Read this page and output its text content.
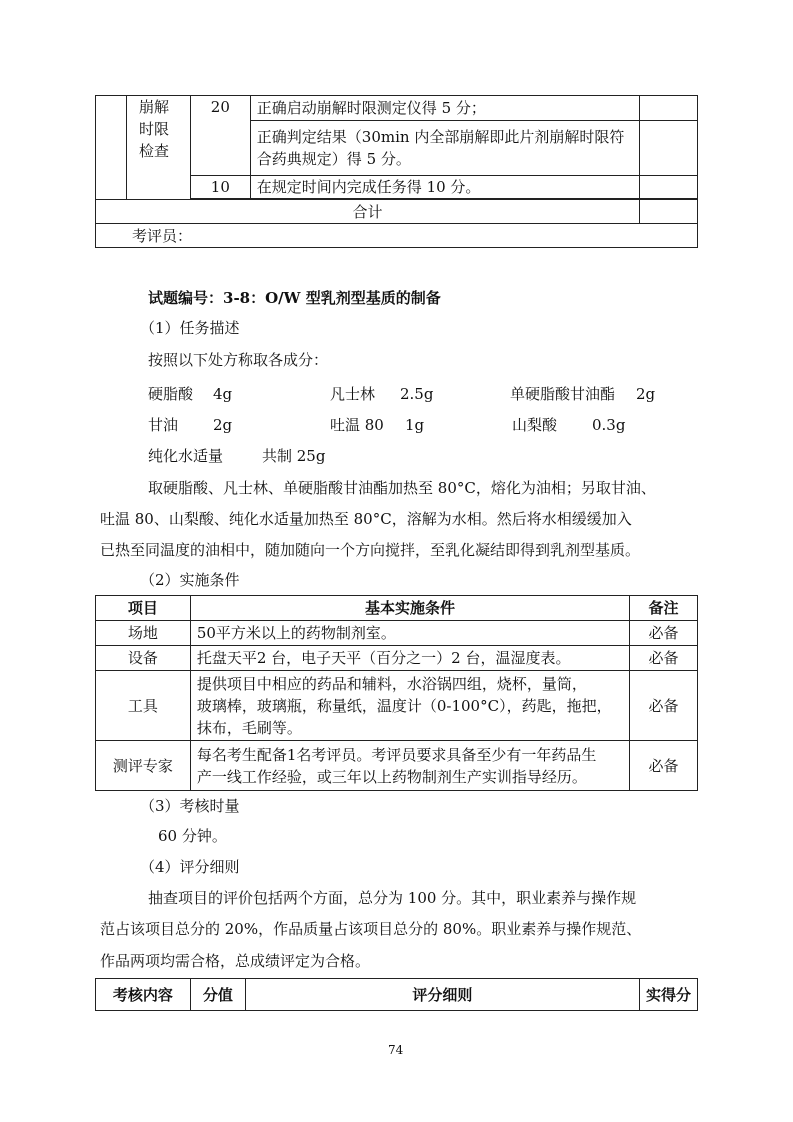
	崩解
时限
检查	20	正确启动崩解时限测定仪得 5 分；	

			正确判定结果（30min 内全部崩解即此片剂崩解时限符
合药典规定）得 5 分。	

		10	在规定时间内完成任务得 10 分。	

合计				
考评员：				
试题编号：3-8：O/W 型乳剂型基质的制备
（1）任务描述
按照以下处方称取各成分：
硬脂酸 4g	凡士林 2.5g	单硬脂酸甘油酯 2g
甘油 2g	吐温 80 1g	山梨酸 0.3g
纯化水适量	共制 25g
取硬脂酸、凡士林、单硬脂酸甘油酯加热至 80°C，熔化为油相；另取甘油、
吐温 80、山梨酸、纯化水适量加热至 80°C，溶解为水相。然后将水相缓缓加入
已热至同温度的油相中，随加随向一个方向搅拌，至乳化凝结即得到乳剂型基质。
（2）实施条件
项目	基本实施条件	备注
场地	50平方米以上的药物制剂室。	必备
设备	托盘天平2 台，电子天平（百分之一）2 台，温湿度表。	必备
工具	提供项目中相应的药品和辅料，水浴锅四组，烧杯，量筒，
玻璃棒，玻璃瓶，称量纸，温度计（0-100°C），药匙，拖把，
抹布，毛刷等。	必备
测评专家	每名考生配备1名考评员。考评员要求具备至少有一年药品生
产一线工作经验，或三年以上药物制剂生产实训指导经历。	必备
（3）考核时量
60 分钟。
（4）评分细则
抽查项目的评价包括两个方面，总分为 100 分。其中，职业素养与操作规
范占该项目总分的 20%，作品质量占该项目总分的 80%。职业素养与操作规范、
作品两项均需合格，总成绩评定为合格。
考核内容	分值	评分细则	实得分
74
